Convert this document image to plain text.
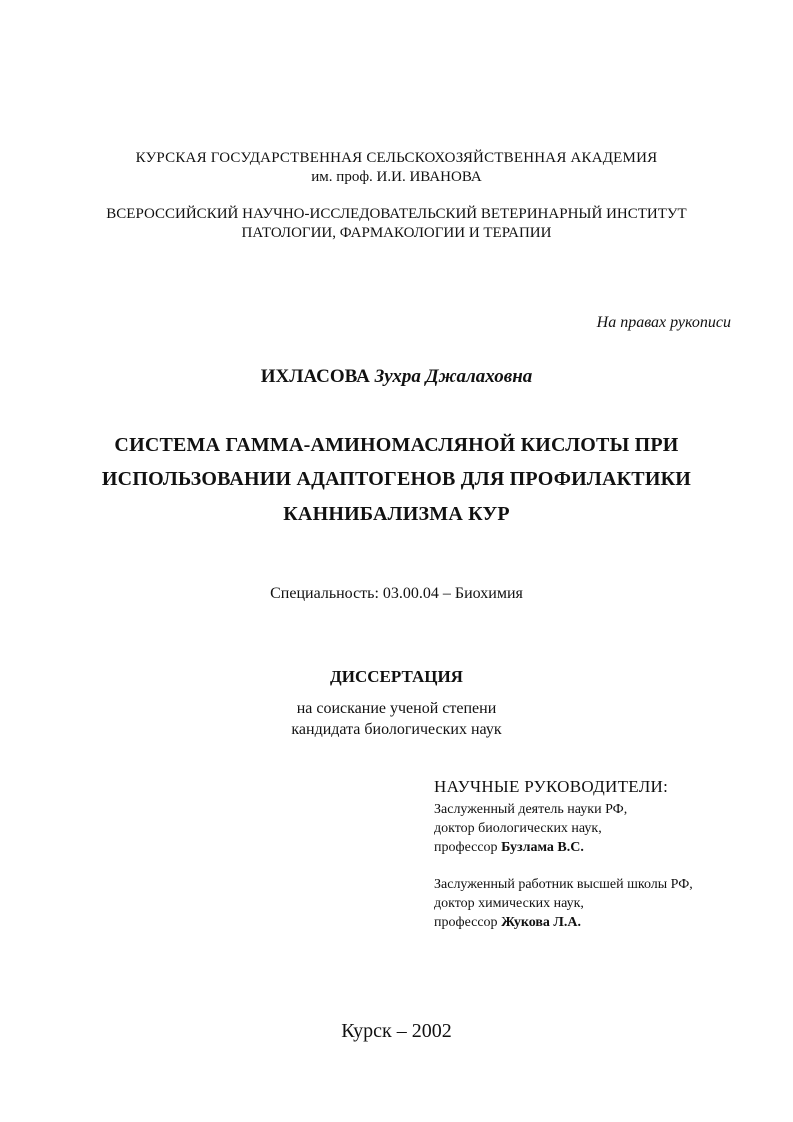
КУРСКАЯ ГОСУДАРСТВЕННАЯ СЕЛЬСКОХОЗЯЙСТВЕННАЯ АКАДЕМИЯ
им. проф. И.И. ИВАНОВА
ВСЕРОССИЙСКИЙ НАУЧНО-ИССЛЕДОВАТЕЛЬСКИЙ ВЕТЕРИНАРНЫЙ ИНСТИТУТ
ПАТОЛОГИИ, ФАРМАКОЛОГИИ И ТЕРАПИИ
На правах рукописи
ИХЛАСОВА Зухра Джалаховна
СИСТЕМА ГАММА-АМИНОМАСЛЯНОЙ КИСЛОТЫ ПРИ
ИСПОЛЬЗОВАНИИ АДАПТОГЕНОВ ДЛЯ ПРОФИЛАКТИКИ
КАННИБАЛИЗМА КУР
Специальность: 03.00.04 – Биохимия
ДИССЕРТАЦИЯ
на соискание ученой степени
кандидата биологических наук
НАУЧНЫЕ РУКОВОДИТЕЛИ:
Заслуженный деятель науки РФ,
доктор биологических наук,
профессор Бузлама В.С.
Заслуженный работник высшей школы РФ,
доктор химических наук,
профессор Жукова Л.А.
Курск – 2002
